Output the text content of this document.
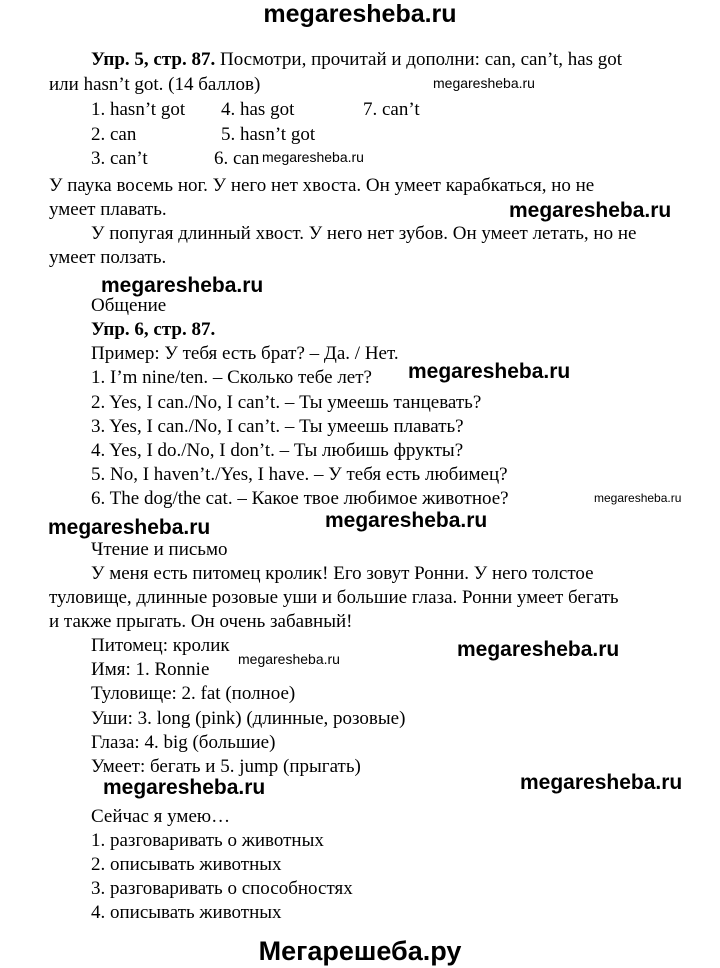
megaresheba.ru
Упр. 5, стр. 87. Посмотри, прочитай и дополни: can, can’t, has got
или hasn’t got. (14 баллов)	megaresheba.ru
1. hasn’t got 4. has got	7. can’t
2. can	5. hasn’t got
3. can’t	6. can megaresheba.ru
У паука восемь ног. У него нет хвоста. Он умеет карабкаться, но не
умеет плавать.	megaresheba.ru
У попугая длинный хвост. У него нет зубов. Он умеет летать, но не
умеет ползать.
megaresheba.ru
Общение
Упр. 6, стр. 87.
Пример: У тебя есть брат? – Да. / Нет.
1. I’m nine/ten. – Сколько тебе лет? megaresheba.ru
2. Yes, I can./No, I can’t. – Ты умеешь танцевать?
3. Yes, I can./No, I can’t. – Ты умеешь плавать?
4. Yes, I do./No, I don’t. – Ты любишь фрукты?
5. No, I haven’t./Yes, I have. – У тебя есть любимец?
6. The dog/the cat. – Какое твое любимое животное?	megaresheba.ru
megaresheba.ru	megaresheba.ru
Чтение и письмо
У меня есть питомец кролик! Его зовут Ронни. У него толстое
туловище, длинные розовые уши и большие глаза. Ронни умеет бегать
и также прыгать. Он очень забавный!
Питомец: кролик	megaresheba.ru
Имя: 1. Ronnie megaresheba.ru
Туловище: 2. fat (полное)
Уши: 3. long (pink) (длинные, розовые)
Глаза: 4. big (большие)
Умеет: бегать и 5. jump (прыгать)
megaresheba.ru	megaresheba.ru
Сейчас я умею…
1. разговаривать о животных
2. описывать животных
3. разговаривать о способностях
4. описывать животных
Мегарешеба.ру
